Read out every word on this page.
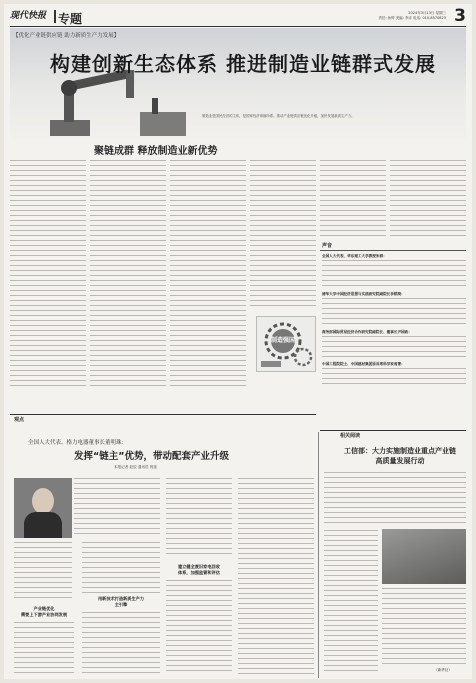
现代快报 专题	2024年3月13日 星期三
责任: 孙烨 美编: 李卉 电话: 010-8570823 3
【优化产业链供应链 助力新质生产力发展】
构建创新生态体系 推进制造业链群式发展
制造业是国民经济的主体，是国家经济命脉所系。推动产业链供应链优化升级，加快发展新质生产力。
聚链成群 释放制造业新优势
声音
全国人大代表、华东理工大学教授朱群：
清华大学中国经济思想与实践研究院副院长李稻葵：
商务部国际贸易经济合作研究院副院长、董事长尹国政：
中国工程院院士、中国建材集团原首席科学家周菁：
制造强国
观点
相关阅读
全国人大代表、格力电器董事长董明珠：
发挥“链主”优势，带动配套产业升级
本报记者 赵辰 通讯员 郭延
产业链优化
需要上下游产业协同发展
用新技术打造新质生产力
主引擎
建立健全废旧家电回收
体系，加强监管和评估
工信部：大力实施制造业重点产业链
高质量发展行动
（新华社）
